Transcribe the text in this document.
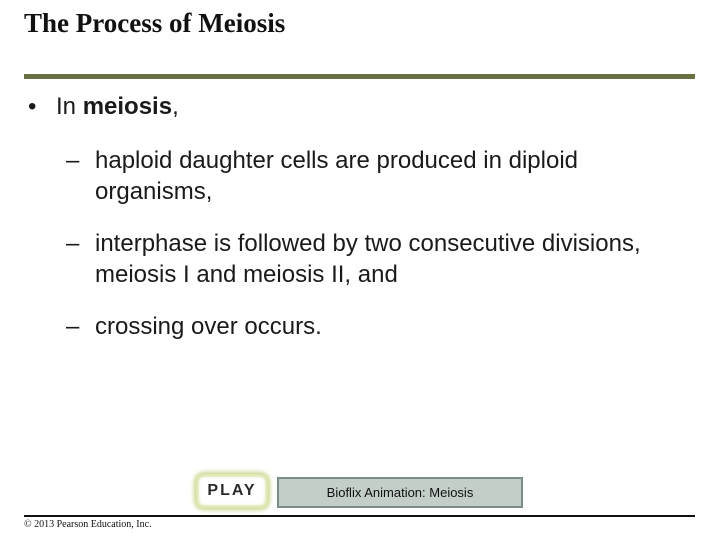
The Process of Meiosis
• In meiosis,
– haploid daughter cells are produced in diploid organisms,
– interphase is followed by two consecutive divisions, meiosis I and meiosis II, and
– crossing over occurs.
PLAY	Bioflix Animation: Meiosis
© 2013 Pearson Education, Inc.
